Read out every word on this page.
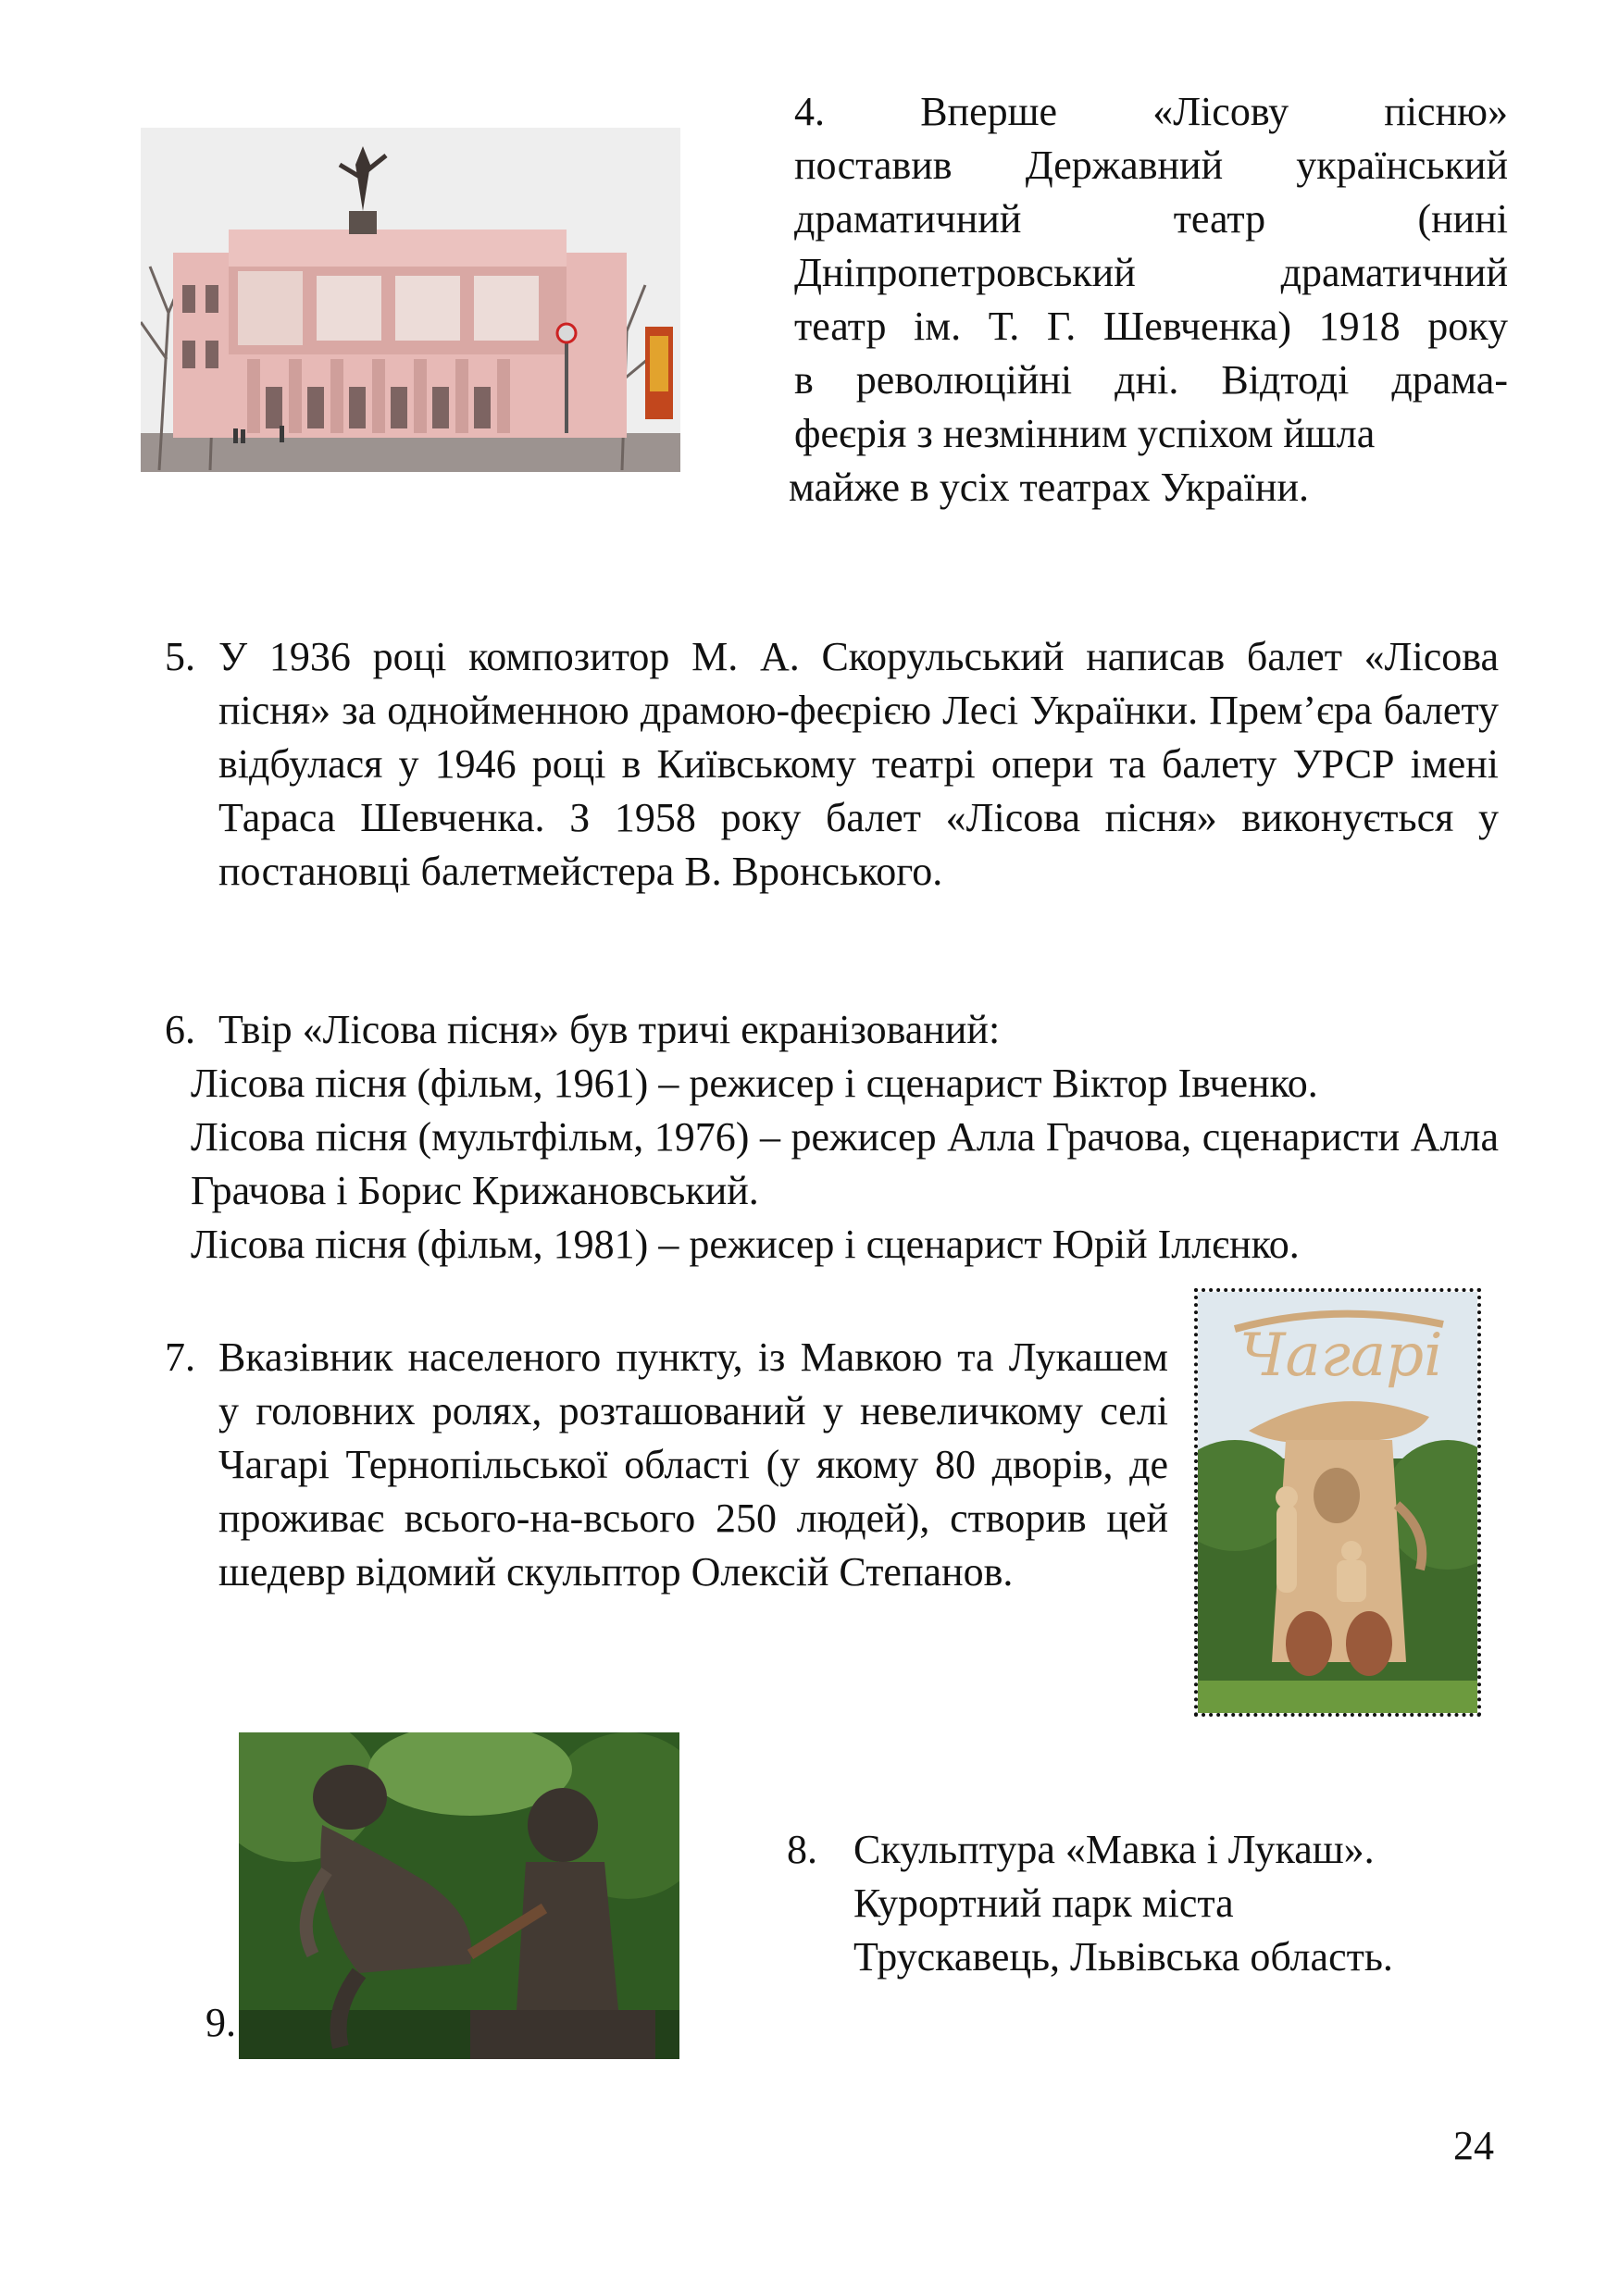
4. Вперше «Лісову пісню»
поставив Державний український
драматичний театр (нині
Дніпропетровський драматичний
театр ім. Т. Г. Шевченка) 1918 року
в революційні дні. Відтоді драма-
феєрія з незмінним успіхом йшла
майже в усіх театрах України.
5. У 1936 році композитор М. А. Скорульський написав балет «Лісова пісня» за однойменною драмою-феєрією Лесі Українки. Прем’єра балету відбулася у 1946 році в Київському театрі опери та балету УРСР імені Тараса Шевченка. З 1958 року балет «Лісова пісня» виконується у постановці балетмейстера В. Вронського.
6. Твір «Лісова пісня» був тричі екранізований:
Лісова пісня (фільм, 1961) – режисер і сценарист Віктор Івченко.
Лісова пісня (мультфільм, 1976) – режисер Алла Грачова, сценаристи Алла Грачова і Борис Крижановський.
Лісова пісня (фільм, 1981) – режисер і сценарист Юрій Іллєнко.
Чагарі
7. Вказівник населеного пункту, із Мавкою та Лукашем у головних ролях, розташований у невеличкому селі Чагарі Тернопільської області (у якому 80 дворів, де проживає всього-на-всього 250 людей), створив цей шедевр відомий скульптор Олексій Степанов.
8. Скульптура «Мавка і Лукаш».
Курортний парк міста
Трускавець, Львівська область.
9.
24
